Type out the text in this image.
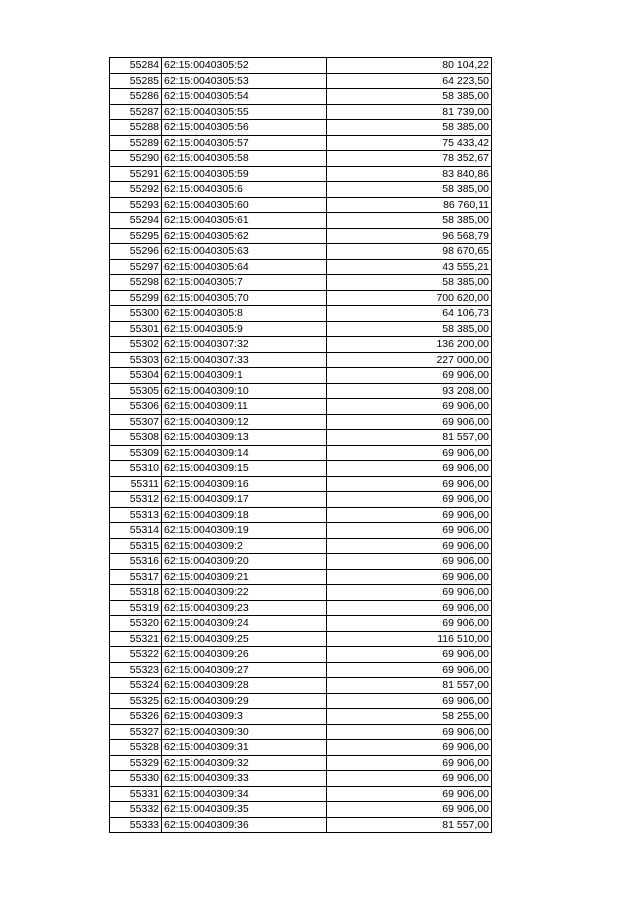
55284	62:15:0040305:52	80 104,22
55285	62:15:0040305:53	64 223,50
55286	62:15:0040305:54	58 385,00
55287	62:15:0040305:55	81 739,00
55288	62:15:0040305:56	58 385,00
55289	62:15:0040305:57	75 433,42
55290	62:15:0040305:58	78 352,67
55291	62:15:0040305:59	83 840,86
55292	62:15:0040305:6	58 385,00
55293	62:15:0040305:60	86 760,11
55294	62:15:0040305:61	58 385,00
55295	62:15:0040305:62	96 568,79
55296	62:15:0040305:63	98 670,65
55297	62:15:0040305:64	43 555,21
55298	62:15:0040305:7	58 385,00
55299	62:15:0040305:70	700 620,00
55300	62:15:0040305:8	64 106,73
55301	62:15:0040305:9	58 385,00
55302	62:15:0040307:32	136 200,00
55303	62:15:0040307:33	227 000,00
55304	62:15:0040309:1	69 906,00
55305	62:15:0040309:10	93 208,00
55306	62:15:0040309:11	69 906,00
55307	62:15:0040309:12	69 906,00
55308	62:15:0040309:13	81 557,00
55309	62:15:0040309:14	69 906,00
55310	62:15:0040309:15	69 906,00
55311	62:15:0040309:16	69 906,00
55312	62:15:0040309:17	69 906,00
55313	62:15:0040309:18	69 906,00
55314	62:15:0040309:19	69 906,00
55315	62:15:0040309:2	69 906,00
55316	62:15:0040309:20	69 906,00
55317	62:15:0040309:21	69 906,00
55318	62:15:0040309:22	69 906,00
55319	62:15:0040309:23	69 906,00
55320	62:15:0040309:24	69 906,00
55321	62:15:0040309:25	116 510,00
55322	62:15:0040309:26	69 906,00
55323	62:15:0040309:27	69 906,00
55324	62:15:0040309:28	81 557,00
55325	62:15:0040309:29	69 906,00
55326	62:15:0040309:3	58 255,00
55327	62:15:0040309:30	69 906,00
55328	62:15:0040309:31	69 906,00
55329	62:15:0040309:32	69 906,00
55330	62:15:0040309:33	69 906,00
55331	62:15:0040309:34	69 906,00
55332	62:15:0040309:35	69 906,00
55333	62:15:0040309:36	81 557,00
